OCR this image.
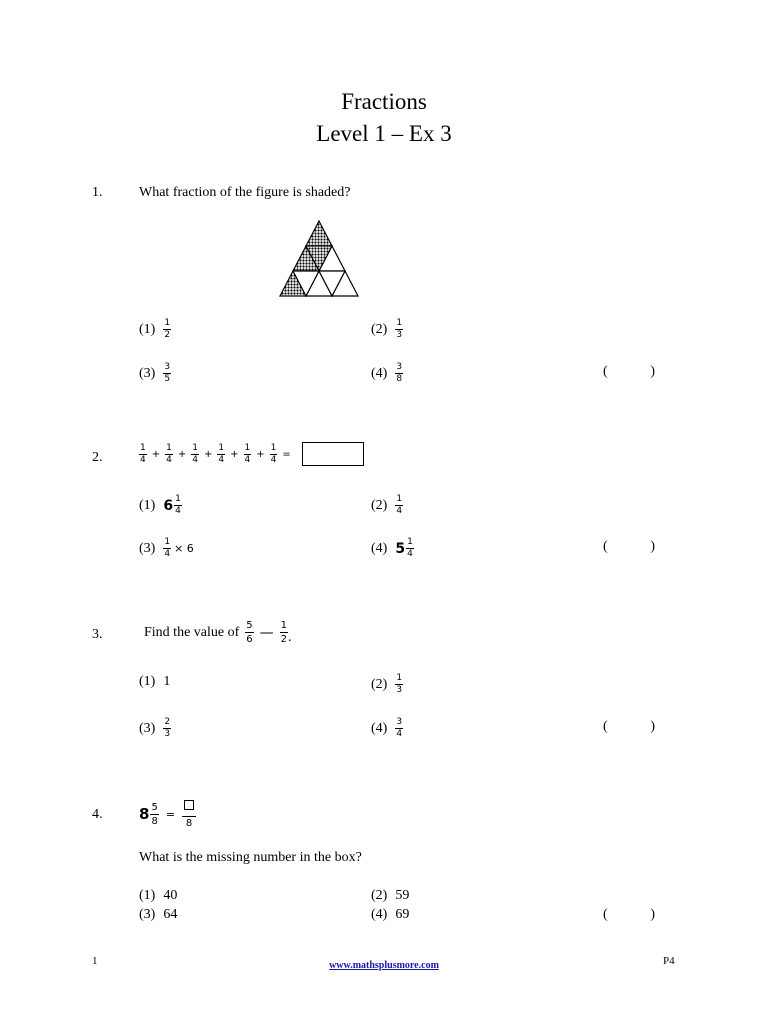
Fractions
Level 1 – Ex 3
1.	What fraction of the figure is shaded?
$(1) \frac{1}{2}$	$(2) \frac{1}{3}$
$(3) \frac{3}{5}$	$(4) \frac{3}{8}$	(	)
2.	$\frac{1}{4} + \frac{1}{4} + \frac{1}{4} + \frac{1}{4} + \frac{1}{4} + \frac{1}{4}$ =
(1) $6 \frac{1}{4}$	$(2) \frac{1}{4}$
$(3) \frac{1}{4} \times 6$	(4) $5 \frac{1}{4}$	(	)
3.	Find the value of $\frac{5}{6}$ — $\frac{1}{2}$ .
(1) 1	$(2) \frac{1}{3}$
$(3) \frac{2}{3}$	$(4) \frac{3}{4}$	(	)
4. $8 \frac{5}{8}$ =
8
What is the missing number in the box?
(1) 40	(2) 59
(3) 64	(4) 69	(	)
1	www.mathsplusmore.com	P4
